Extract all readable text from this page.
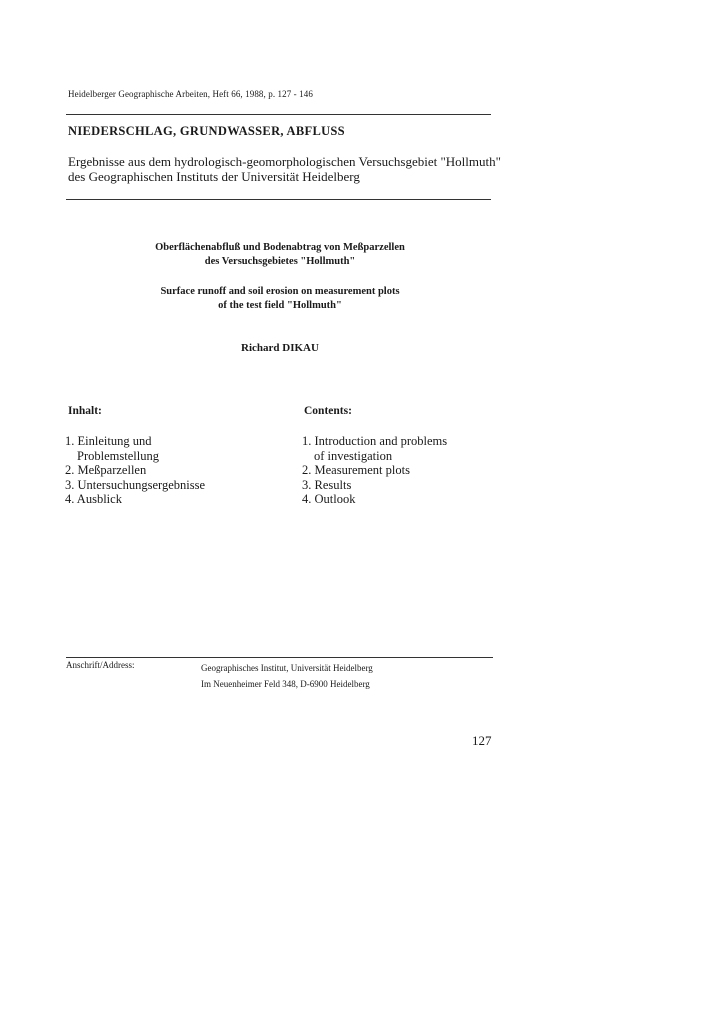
Heidelberger Geographische Arbeiten, Heft 66, 1988, p. 127 - 146
NIEDERSCHLAG, GRUNDWASSER, ABFLUSS
Ergebnisse aus dem hydrologisch-geomorphologischen Versuchsgebiet "Hollmuth"
des Geographischen Instituts der Universität Heidelberg
Oberflächenabfluß und Bodenabtrag von Meßparzellen
des Versuchsgebietes "Hollmuth"
Surface runoff and soil erosion on measurement plots
of the test field "Hollmuth"
Richard DIKAU
Inhalt:
1. Einleitung und
Problemstellung
2. Meßparzellen
3. Untersuchungsergebnisse
4. Ausblick
Contents:
1. Introduction and problems
of investigation
2. Measurement plots
3. Results
4. Outlook
Anschrift/Address:	Geographisches Institut, Universität Heidelberg
Im Neuenheimer Feld 348, D-6900 Heidelberg
127
